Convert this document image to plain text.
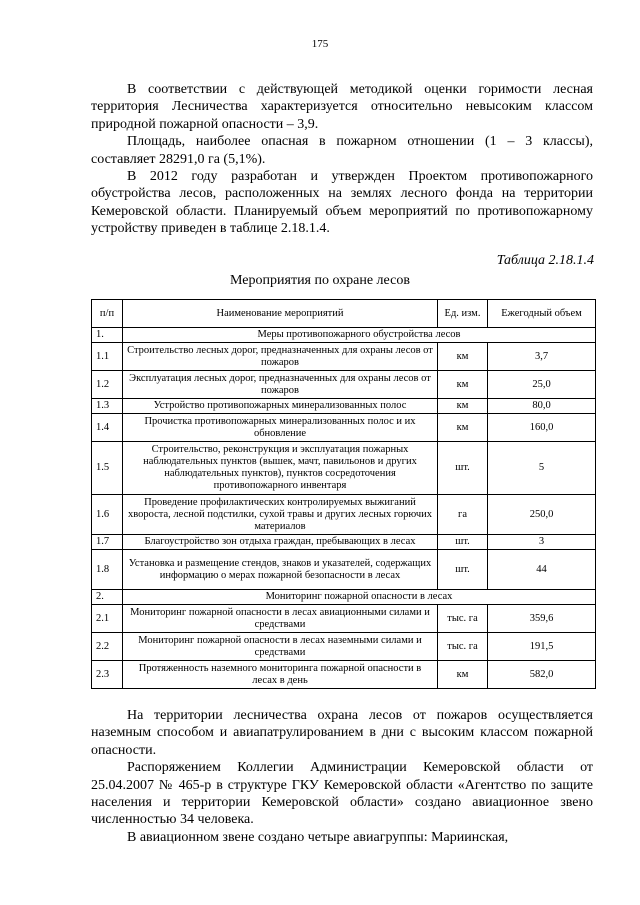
175

В соответствии с действующей методикой оценки горимости лесная территория Лесничества характеризуется относительно невысоким классом природной пожарной опасности – 3,9.

Площадь, наиболее опасная в пожарном отношении (1 – 3 классы), составляет 28291,0 га (5,1%).

В 2012 году разработан и утвержден Проектом противопожарного обустройства лесов, расположенных на землях лесного фонда на территории Кемеровской области. Планируемый объем мероприятий по противопожарному устройству приведен в таблице 2.18.1.4.

Таблица 2.18.1.4
Мероприятия по охране лесов
п/п	Наименование мероприятий	Ед. изм.	Ежегодный объем
1.	Меры противопожарного обустройства лесов		
1.1	Строительство лесных дорог, предназначенных для охраны лесов от пожаров	км	3,7
1.2	Эксплуатация лесных дорог, предназначенных для охраны лесов от пожаров	км	25,0
1.3	Устройство противопожарных минерализованных полос	км	80,0
1.4	Прочистка противопожарных минерализованных полос и их обновление	км	160,0
1.5	Строительство, реконструкция и эксплуатация пожарных наблюдательных пунктов (вышек, мачт, павильонов и других наблюдательных пунктов), пунктов сосредоточения противопожарного инвентаря	шт.	5
1.6	Проведение профилактических контролируемых выжиганий хвороста, лесной подстилки, сухой травы и других лесных горючих материалов	га	250,0
1.7	Благоустройство зон отдыха граждан, пребывающих в лесах	шт.	3
1.8	Установка и размещение стендов, знаков и указателей, содержащих информацию о мерах пожарной безопасности в лесах	шт.	44
2.	Мониторинг пожарной опасности в лесах		
2.1	Мониторинг пожарной опасности в лесах авиационными силами и средствами	тыс. га	359,6
2.2	Мониторинг пожарной опасности в лесах наземными силами и средствами	тыс. га	191,5
2.3	Протяженность наземного мониторинга пожарной опасности в лесах в день	км	582,0

На территории лесничества охрана лесов от пожаров осуществляется наземным способом и авиапатрулированием в дни с высоким классом пожарной опасности.

Распоряжением Коллегии Администрации Кемеровской области от 25.04.2007 № 465-р в структуре ГКУ Кемеровской области «Агентство по защите населения и территории Кемеровской области» создано авиационное звено численностью 34 человека.

В авиационном звене создано четыре авиагруппы: Мариинская,
